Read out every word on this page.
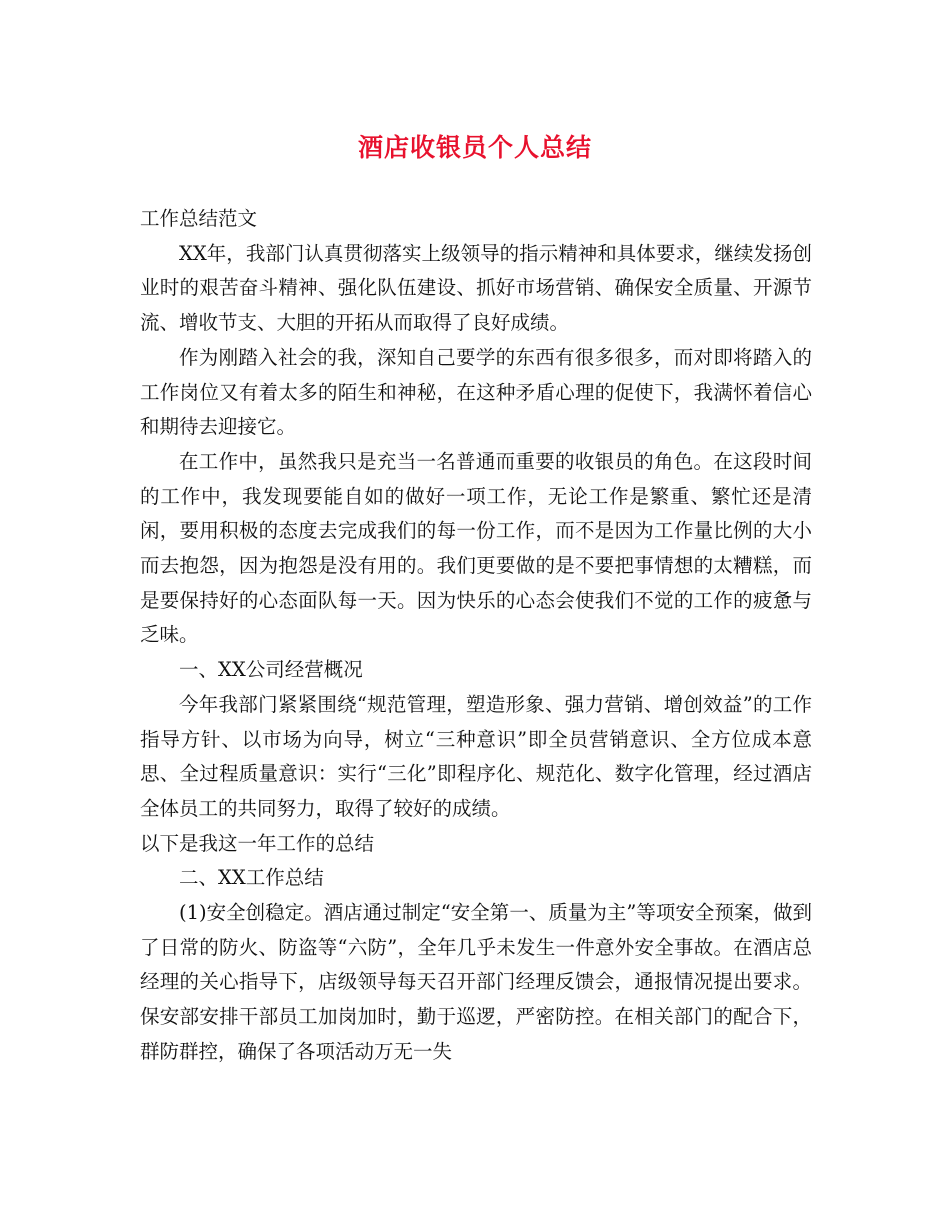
酒店收银员个人总结

工作总结范文

XX年，我部门认真贯彻落实上级领导的指示精神和具体要求，继续发扬创业时的艰苦奋斗精神、强化队伍建设、抓好市场营销、确保安全质量、开源节流、增收节支、大胆的开拓从而取得了良好成绩。

作为刚踏入社会的我，深知自己要学的东西有很多很多，而对即将踏入的工作岗位又有着太多的陌生和神秘，在这种矛盾心理的促使下，我满怀着信心和期待去迎接它。

在工作中，虽然我只是充当一名普通而重要的收银员的角色。在这段时间的工作中，我发现要能自如的做好一项工作，无论工作是繁重、繁忙还是清闲，要用积极的态度去完成我们的每一份工作，而不是因为工作量比例的大小而去抱怨，因为抱怨是没有用的。我们更要做的是不要把事情想的太糟糕，而是要保持好的心态面队每一天。因为快乐的心态会使我们不觉的工作的疲惫与乏味。

一、XX公司经营概况

今年我部门紧紧围绕“规范管理，塑造形象、强力营销、增创效益”的工作指导方针、以市场为向导，树立“三种意识”即全员营销意识、全方位成本意思、全过程质量意识：实行“三化”即程序化、规范化、数字化管理，经过酒店全体员工的共同努力，取得了较好的成绩。

以下是我这一年工作的总结

二、XX工作总结

(1)安全创稳定。酒店通过制定“安全第一、质量为主”等项安全预案，做到了日常的防火、防盗等“六防”，全年几乎未发生一件意外安全事故。在酒店总经理的关心指导下，店级领导每天召开部门经理反馈会，通报情况提出要求。保安部安排干部员工加岗加时，勤于巡逻，严密防控。在相关部门的配合下，群防群控，确保了各项活动万无一失
